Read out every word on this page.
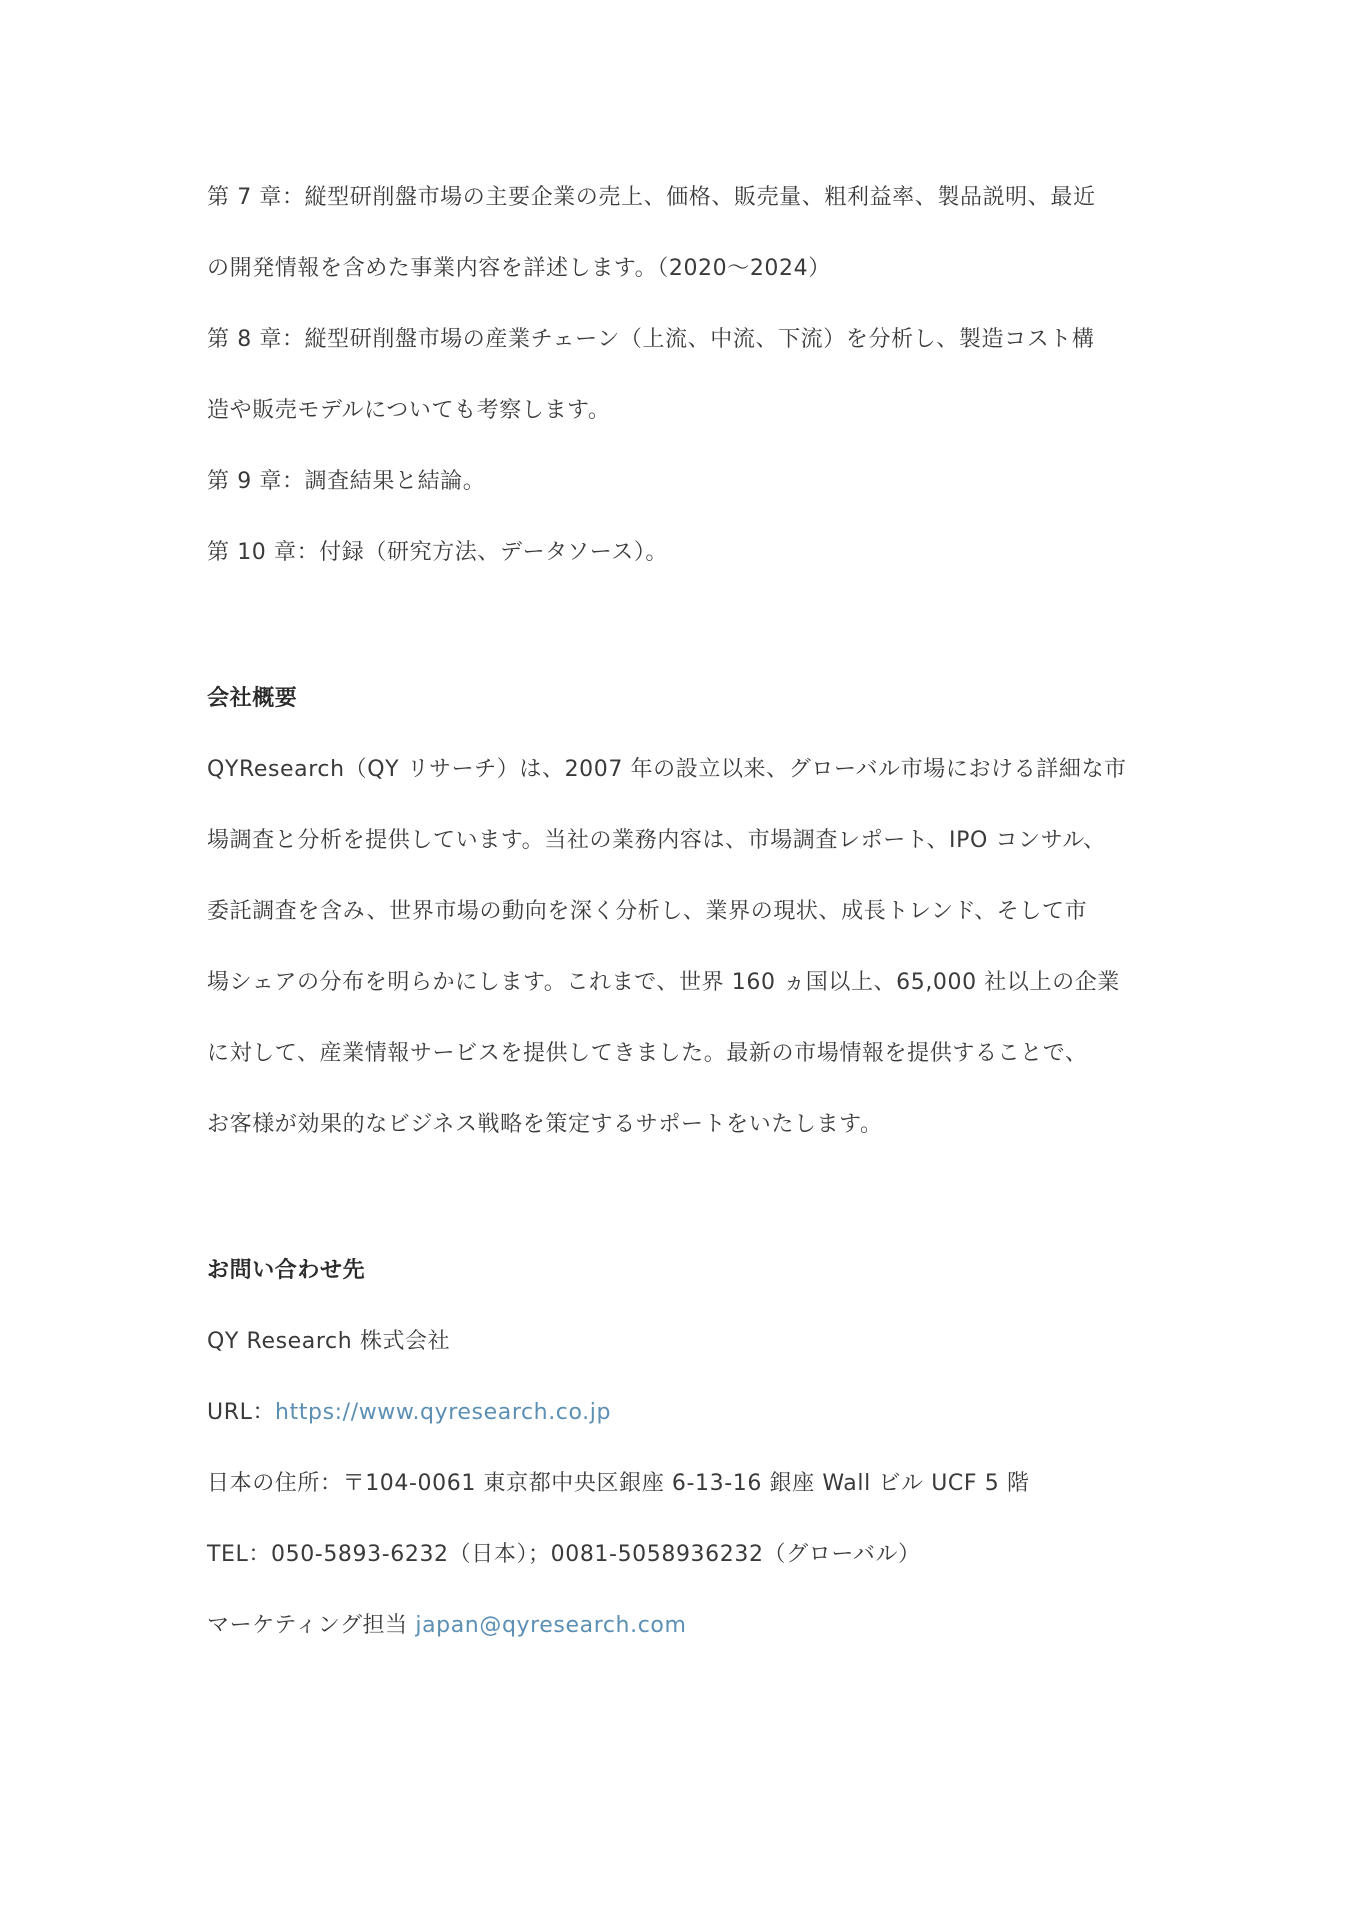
第 7 章：縦型研削盤市場の主要企業の売上、価格、販売量、粗利益率、製品説明、最近
の開発情報を含めた事業内容を詳述します。（2020～2024）
第 8 章：縦型研削盤市場の産業チェーン（上流、中流、下流）を分析し、製造コスト構
造や販売モデルについても考察します。
第 9 章：調査結果と結論。
第 10 章：付録（研究方法、データソース）。
会社概要
QYResearch（QY リサーチ）は、2007 年の設立以来、グローバル市場における詳細な市
場調査と分析を提供しています。当社の業務内容は、市場調査レポート、IPO コンサル、
委託調査を含み、世界市場の動向を深く分析し、業界の現状、成長トレンド、そして市
場シェアの分布を明らかにします。これまで、世界 160 ヵ国以上、65,000 社以上の企業
に対して、産業情報サービスを提供してきました。最新の市場情報を提供することで、
お客様が効果的なビジネス戦略を策定するサポートをいたします。
お問い合わせ先
QY Research 株式会社
URL：https://www.qyresearch.co.jp
日本の住所：〒104-0061 東京都中央区銀座 6-13-16 銀座 Wall ビル UCF 5 階
TEL：050-5893-6232（日本）；0081-5058936232（グローバル）
マーケティング担当 japan@qyresearch.com
